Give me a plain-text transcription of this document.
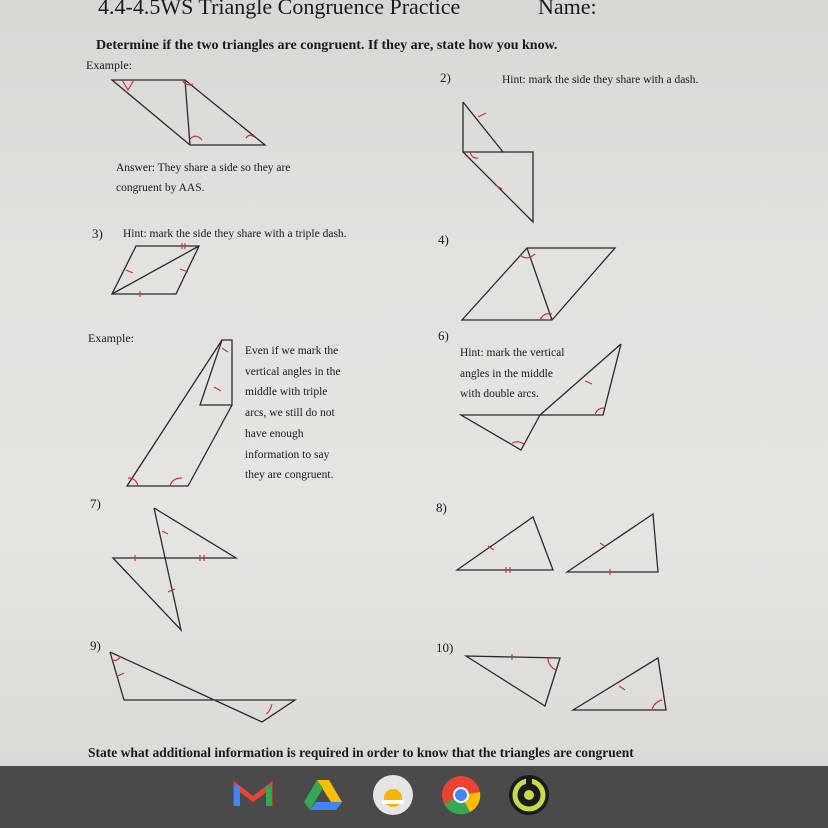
4.4-4.5WS Triangle Congruence Practice	Name:
Determine if the two triangles are congruent. If they are, state how you know.
Example:
Answer: They share a side so they are
congruent by AAS.
2)	Hint: mark the side they share with a dash.
3) Hint: mark the side they share with a triple dash.	4)
Example:
Even if we mark the
vertical angles in the
middle with triple
arcs, we still do not
have enough
information to say
they are congruent.
6)
Hint: mark the vertical
angles in the middle
with double arcs.
7)	8)
9)	10)
State what additional information is required in order to know that the triangles are congruent
